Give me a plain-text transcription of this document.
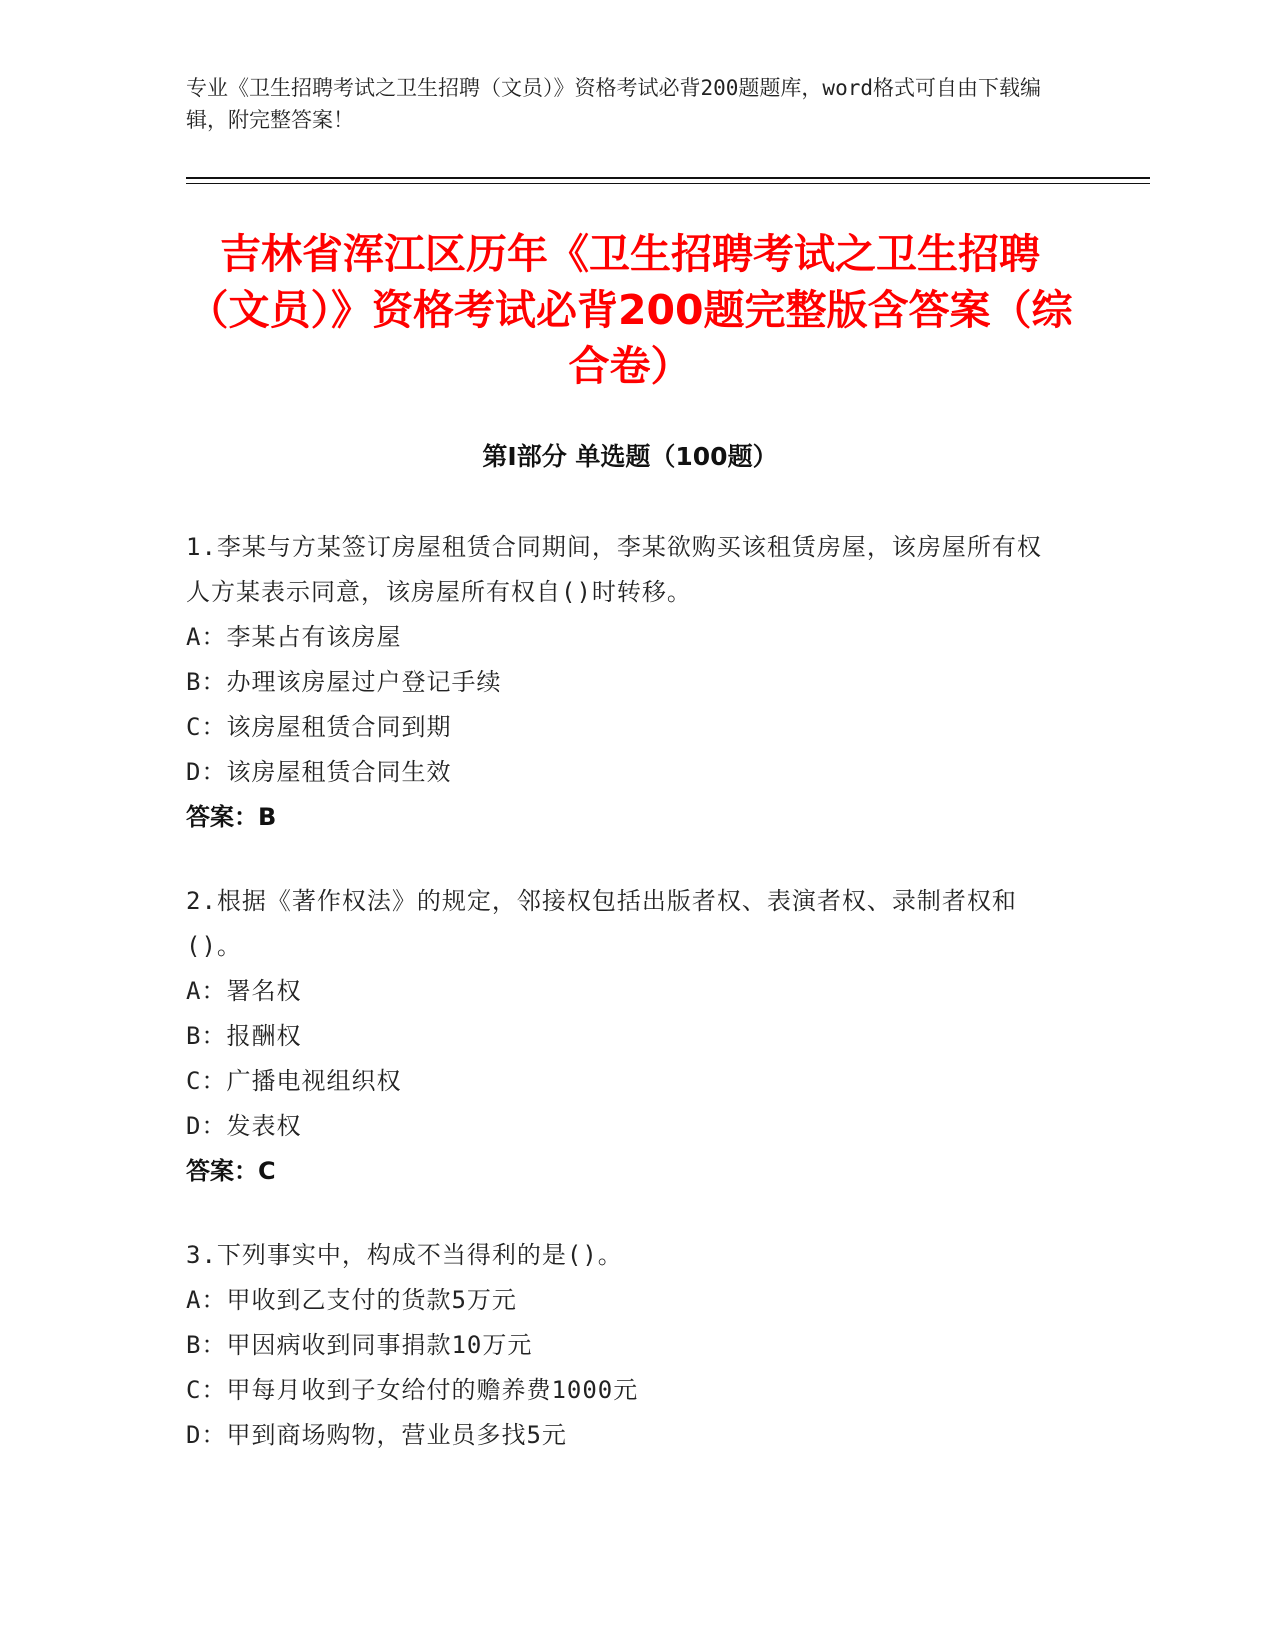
专业《卫生招聘考试之卫生招聘（文员）》资格考试必背200题题库，word格式可自由下载编辑，附完整答案！
吉林省浑江区历年《卫生招聘考试之卫生招聘（文员）》资格考试必背200题完整版含答案（综合卷）
第Ⅰ部分 单选题（100题）
1.李某与方某签订房屋租赁合同期间，李某欲购买该租赁房屋，该房屋所有权人方某表示同意，该房屋所有权自()时转移。
A：李某占有该房屋
B：办理该房屋过户登记手续
C：该房屋租赁合同到期
D：该房屋租赁合同生效
答案：B
2.根据《著作权法》的规定，邻接权包括出版者权、表演者权、录制者权和()。
A：署名权
B：报酬权
C：广播电视组织权
D：发表权
答案：C
3.下列事实中，构成不当得利的是()。
A：甲收到乙支付的货款5万元
B：甲因病收到同事捐款10万元
C：甲每月收到子女给付的赡养费1000元
D：甲到商场购物，营业员多找5元
